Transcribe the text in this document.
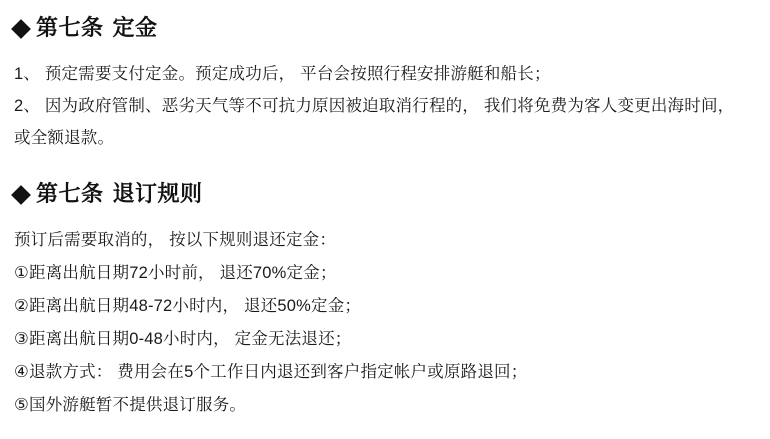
第七条 定金

1、 预定需要支付定金。预定成功后， 平台会按照行程安排游艇和船长；

2、 因为政府管制、恶劣天气等不可抗力原因被迫取消行程的， 我们将免费为客人变更出海时间， 或全额退款。

第七条 退订规则

预订后需要取消的， 按以下规则退还定金：

①距离出航日期72小时前， 退还70%定金；

②距离出航日期48-72小时内， 退还50%定金；

③距离出航日期0-48小时内， 定金无法退还；

④退款方式： 费用会在5个工作日内退还到客户指定帐户或原路退回；

⑤国外游艇暂不提供退订服务。
